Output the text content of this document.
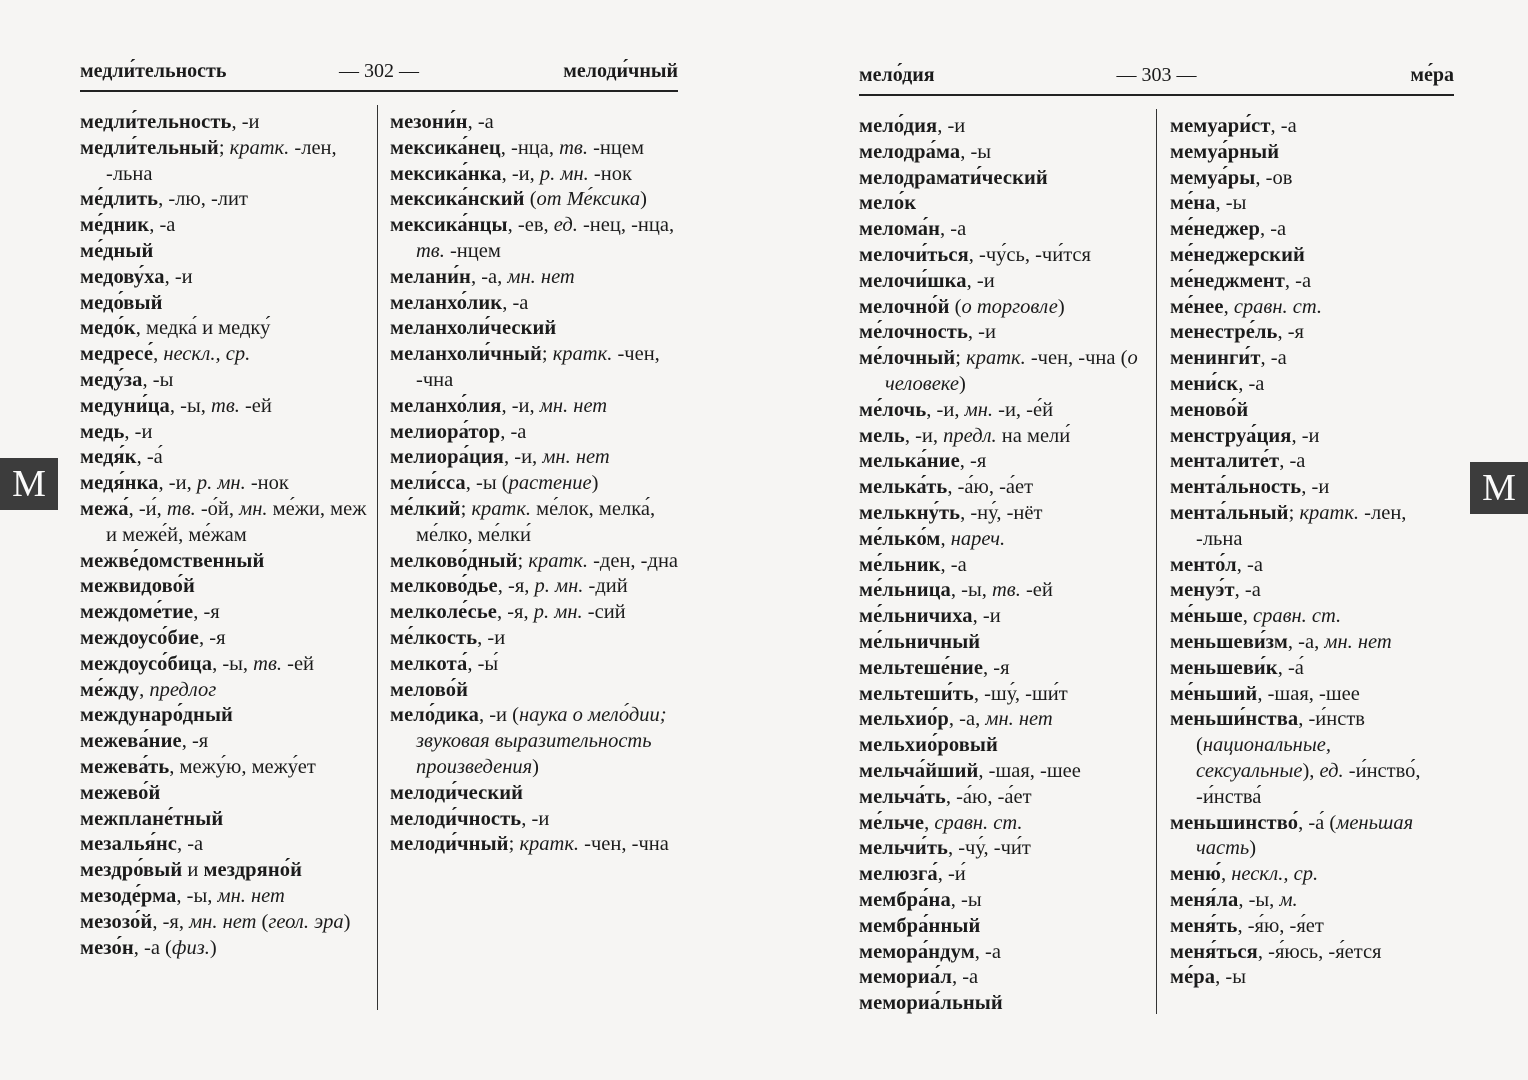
медли́тельность	— 302 —	мелоди́чный
медли́тельность, -и
медли́тельный; кратк. -лен, -льна
ме́длить, -лю, -лит
ме́дник, -а
ме́дный
медову́ха, -и
медо́вый
медо́к, медка́ и медку́
медресе́, нескл., ср.
меду́за, -ы
медуни́ца, -ы, тв. -ей
медь, -и
медя́к, -а́
медя́нка, -и, р. мн. -нок
межа́, -и́, тв. -о́й, мн. ме́жи, меж и меже́й, ме́жам
межве́домственный
межвидово́й
междоме́тие, -я
междоусо́бие, -я
междоусо́бица, -ы, тв. -ей
ме́жду, предлог
междунаро́дный
межева́ние, -я
межева́ть, межу́ю, межу́ет
межево́й
межплане́тный
мезалья́нс, -а
мездро́вый и мездряно́й
мезоде́рма, -ы, мн. нет
мезозо́й, -я, мн. нет (геол. эра)
мезо́н, -а (физ.)
мезони́н, -а
мексика́нец, -нца, тв. -нцем
мексика́нка, -и, р. мн. -нок
мексика́нский (от Ме́ксика)
мексика́нцы, -ев, ед. -нец, -нца, тв. -нцем
мелани́н, -а, мн. нет
меланхо́лик, -а
меланхоли́ческий
меланхоли́чный; кратк. -чен, -чна
меланхо́лия, -и, мн. нет
мелиора́тор, -а
мелиора́ция, -и, мн. нет
мели́сса, -ы (растение)
ме́лкий; кратк. ме́лок, мелка́, ме́лко, ме́лки́
мелково́дный; кратк. -ден, -дна
мелково́дье, -я, р. мн. -дий
мелколе́сье, -я, р. мн. -сий
ме́лкость, -и
мелкота́, -ы́
мелово́й
мело́дика, -и (наука о мело́дии; звуковая выразительность произведения)
мелоди́ческий
мелоди́чность, -и
мелоди́чный; кратк. -чен, -чна
М
мело́дия	— 303 —	ме́ра
мело́дия, -и
мелодра́ма, -ы
мелодрамати́ческий
мело́к
мелома́н, -а
мелочи́ться, -чу́сь, -чи́тся
мелочи́шка, -и
мелочно́й (о торговле)
ме́лочность, -и
ме́лочный; кратк. -чен, -чна (о человеке)
ме́лочь, -и, мн. -и, -е́й
мель, -и, предл. на мели́
мелька́ние, -я
мелька́ть, -а́ю, -а́ет
мелькну́ть, -ну́, -нёт
ме́лько́м, нареч.
ме́льник, -а
ме́льница, -ы, тв. -ей
ме́льничиха, -и
ме́льничный
мельтеше́ние, -я
мельтеши́ть, -шу́, -ши́т
мельхио́р, -а, мн. нет
мельхио́ровый
мельча́йший, -шая, -шее
мельча́ть, -а́ю, -а́ет
ме́льче, сравн. ст.
мельчи́ть, -чу́, -чи́т
мелюзга́, -и́
мембра́на, -ы
мембра́нный
мемора́ндум, -а
мемориа́л, -а
мемориа́льный
мемуари́ст, -а
мемуа́рный
мемуа́ры, -ов
ме́на, -ы
ме́неджер, -а
ме́неджерский
ме́неджмент, -а
ме́нее, сравн. ст.
менестре́ль, -я
менинги́т, -а
мени́ск, -а
меново́й
менструа́ция, -и
менталите́т, -а
мента́льность, -и
мента́льный; кратк. -лен, -льна
менто́л, -а
менуэ́т, -а
ме́ньше, сравн. ст.
меньшеви́зм, -а, мн. нет
меньшеви́к, -а́
ме́ньший, -шая, -шее
меньши́нства, -и́нств (национальные, сексуальные), ед. -и́нство́, -и́нства́
меньшинство́, -а́ (меньшая часть)
меню́, нескл., ср.
меня́ла, -ы, м.
меня́ть, -я́ю, -я́ет
меня́ться, -я́юсь, -я́ется
ме́ра, -ы
М
